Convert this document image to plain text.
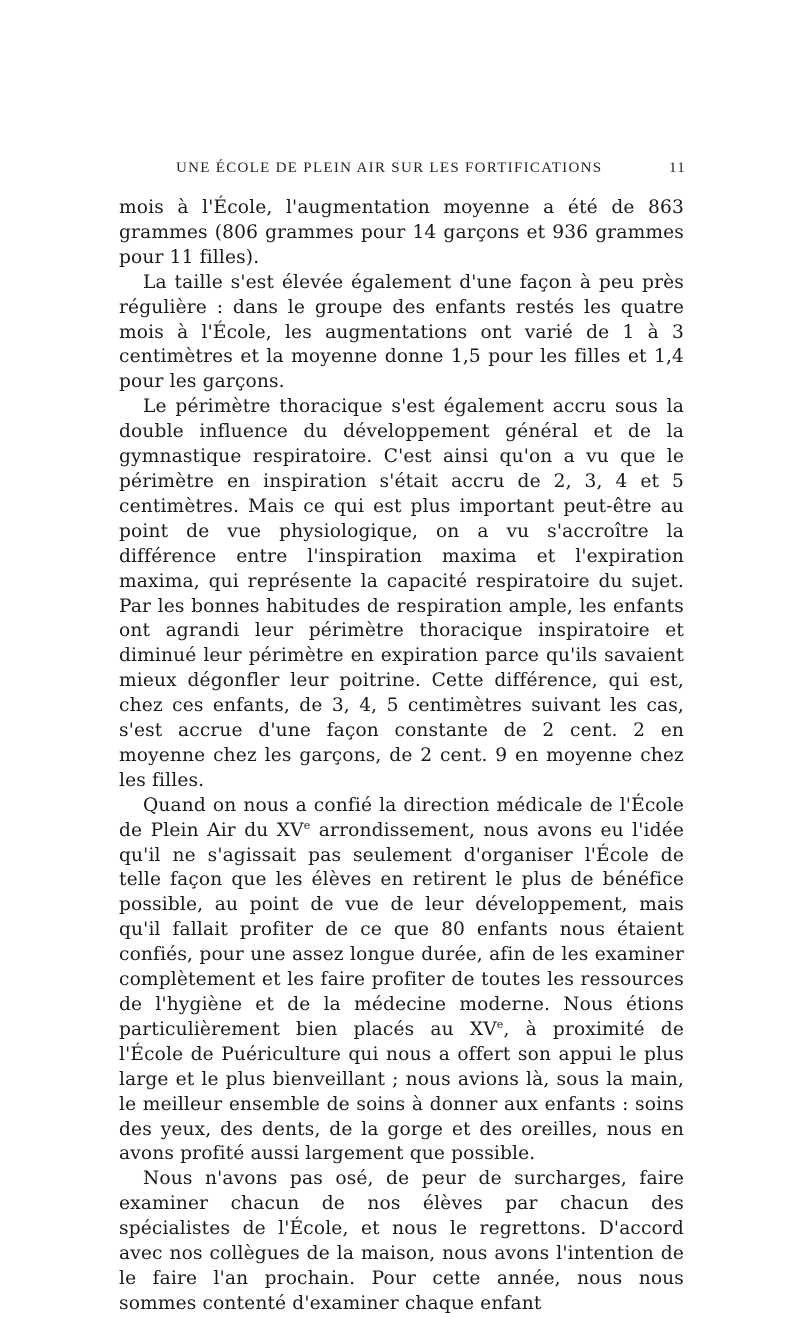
UNE ÉCOLE DE PLEIN AIR SUR LES FORTIFICATIONS	11

mois à l'École, l'augmentation moyenne a été de 863 grammes (806 grammes pour 14 garçons et 936 grammes pour 11 filles).

La taille s'est élevée également d'une façon à peu près régulière : dans le groupe des enfants restés les quatre mois à l'École, les augmentations ont varié de 1 à 3 centimètres et la moyenne donne 1,5 pour les filles et 1,4 pour les garçons.

Le périmètre thoracique s'est également accru sous la double influence du développement général et de la gymnastique respiratoire. C'est ainsi qu'on a vu que le périmètre en inspiration s'était accru de 2, 3, 4 et 5 centimètres. Mais ce qui est plus important peut-être au point de vue physiologique, on a vu s'accroître la différence entre l'inspiration maxima et l'expiration maxima, qui représente la capacité respiratoire du sujet. Par les bonnes habitudes de respiration ample, les enfants ont agrandi leur périmètre thoracique inspiratoire et diminué leur périmètre en expiration parce qu'ils savaient mieux dégonfler leur poitrine. Cette différence, qui est, chez ces enfants, de 3, 4, 5 centimètres suivant les cas, s'est accrue d'une façon constante de 2 cent. 2 en moyenne chez les garçons, de 2 cent. 9 en moyenne chez les filles.

Quand on nous a confié la direction médicale de l'École de Plein Air du XVe arrondissement, nous avons eu l'idée qu'il ne s'agissait pas seulement d'organiser l'École de telle façon que les élèves en retirent le plus de bénéfice possible, au point de vue de leur développement, mais qu'il fallait profiter de ce que 80 enfants nous étaient confiés, pour une assez longue durée, afin de les examiner complètement et les faire profiter de toutes les ressources de l'hygiène et de la médecine moderne. Nous étions particulièrement bien placés au XVe, à proximité de l'École de Puériculture qui nous a offert son appui le plus large et le plus bienveillant ; nous avions là, sous la main, le meilleur ensemble de soins à donner aux enfants : soins des yeux, des dents, de la gorge et des oreilles, nous en avons profité aussi largement que possible.

Nous n'avons pas osé, de peur de surcharges, faire examiner chacun de nos élèves par chacun des spécialistes de l'École, et nous le regrettons. D'accord avec nos collègues de la maison, nous avons l'intention de le faire l'an prochain. Pour cette année, nous nous sommes contenté d'examiner chaque enfant
